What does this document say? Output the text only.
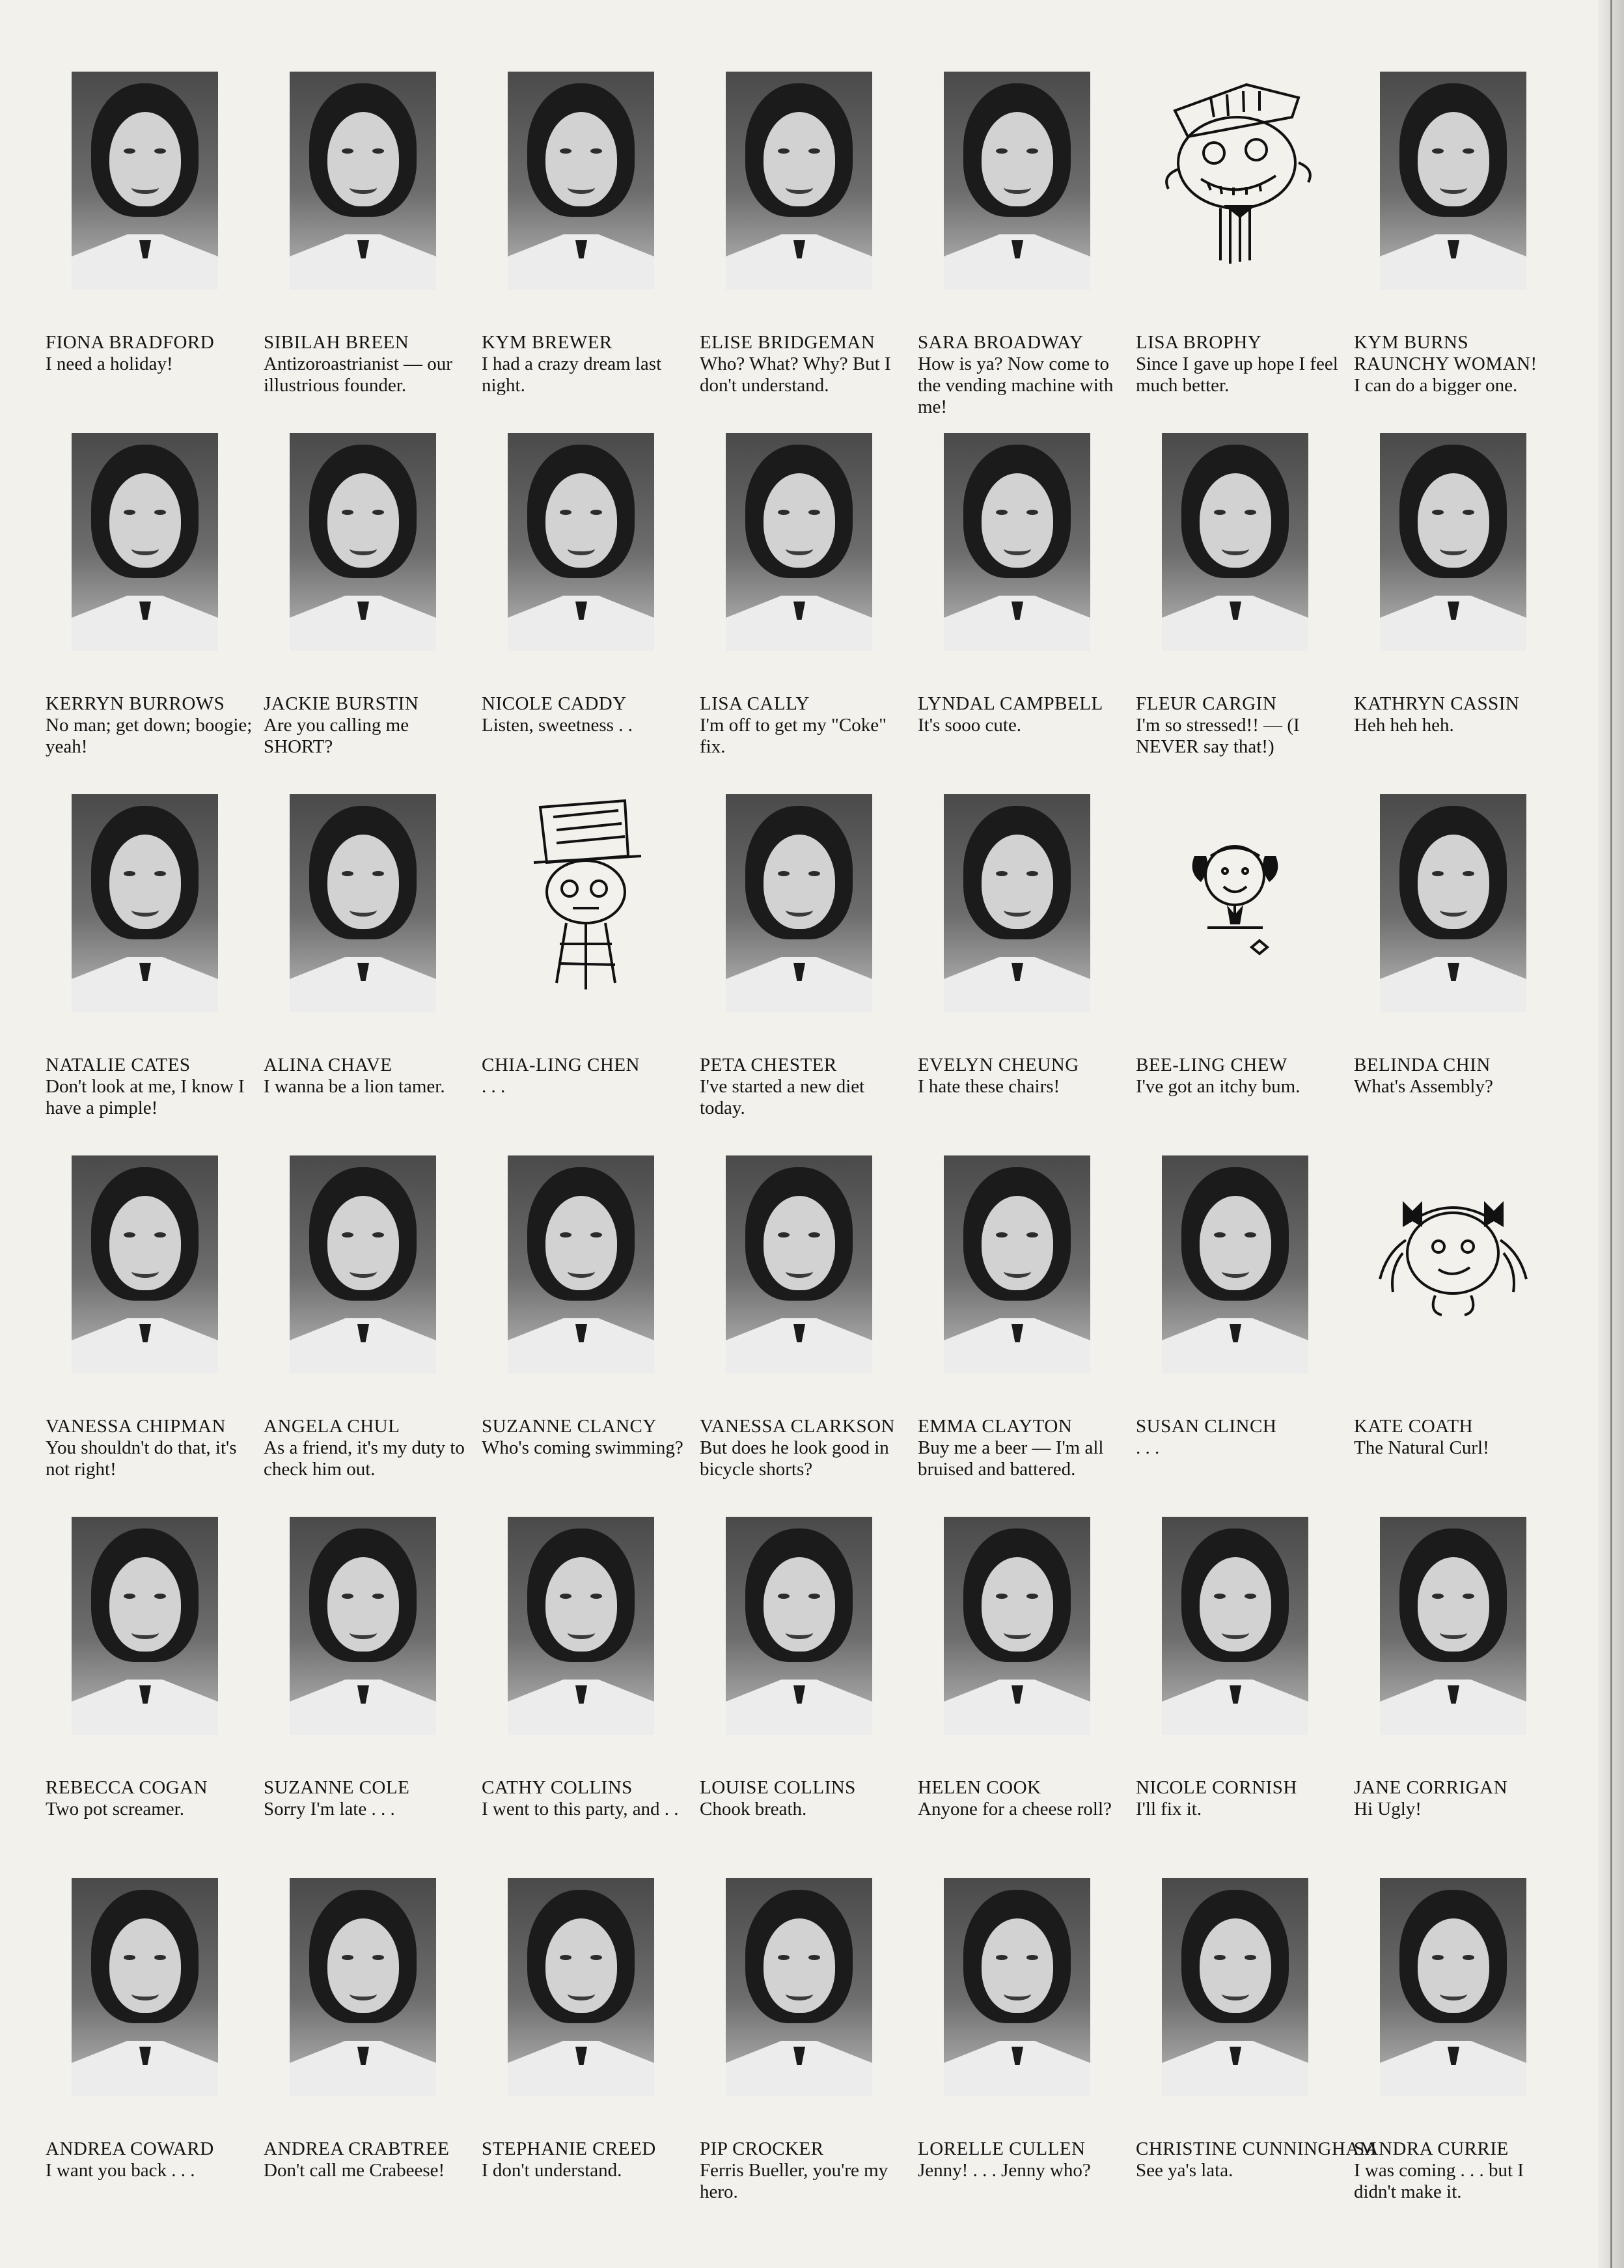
FIONA BRADFORD
I need a holiday!
SIBILAH BREEN
Antizoroastrianist — our illustrious founder.
KYM BREWER
I had a crazy dream last night.
ELISE BRIDGEMAN
Who? What? Why? But I don't understand.
SARA BROADWAY
How is ya? Now come to the vending machine with me!
LISA BROPHY
Since I gave up hope I feel much better.
KYM BURNS
RAUNCHY WOMAN!
I can do a bigger one.
KERRYN BURROWS
No man; get down; boogie; yeah!
JACKIE BURSTIN
Are you calling me SHORT?
NICOLE CADDY
Listen, sweetness . .
LISA CALLY
I'm off to get my "Coke" fix.
LYNDAL CAMPBELL
It's sooo cute.
FLEUR CARGIN
I'm so stressed!! — (I NEVER say that!)
KATHRYN CASSIN
Heh heh heh.
NATALIE CATES
Don't look at me, I know I have a pimple!
ALINA CHAVE
I wanna be a lion tamer.
CHIA-LING CHEN
. . .
PETA CHESTER
I've started a new diet today.
EVELYN CHEUNG
I hate these chairs!
BEE-LING CHEW
I've got an itchy bum.
BELINDA CHIN
What's Assembly?
VANESSA CHIPMAN
You shouldn't do that, it's not right!
ANGELA CHUL
As a friend, it's my duty to check him out.
SUZANNE CLANCY
Who's coming swimming?
VANESSA CLARKSON
But does he look good in bicycle shorts?
EMMA CLAYTON
Buy me a beer — I'm all bruised and battered.
SUSAN CLINCH
. . .
KATE COATH
The Natural Curl!
REBECCA COGAN
Two pot screamer.
SUZANNE COLE
Sorry I'm late . . .
CATHY COLLINS
I went to this party, and . .
LOUISE COLLINS
Chook breath.
HELEN COOK
Anyone for a cheese roll?
NICOLE CORNISH
I'll fix it.
JANE CORRIGAN
Hi Ugly!
ANDREA COWARD
I want you back . . .
ANDREA CRABTREE
Don't call me Crabeese!
STEPHANIE CREED
I don't understand.
PIP CROCKER
Ferris Bueller, you're my hero.
LORELLE CULLEN
Jenny! . . . Jenny who?
CHRISTINE CUNNINGHAM
See ya's lata.
SANDRA CURRIE
I was coming . . . but I didn't make it.
